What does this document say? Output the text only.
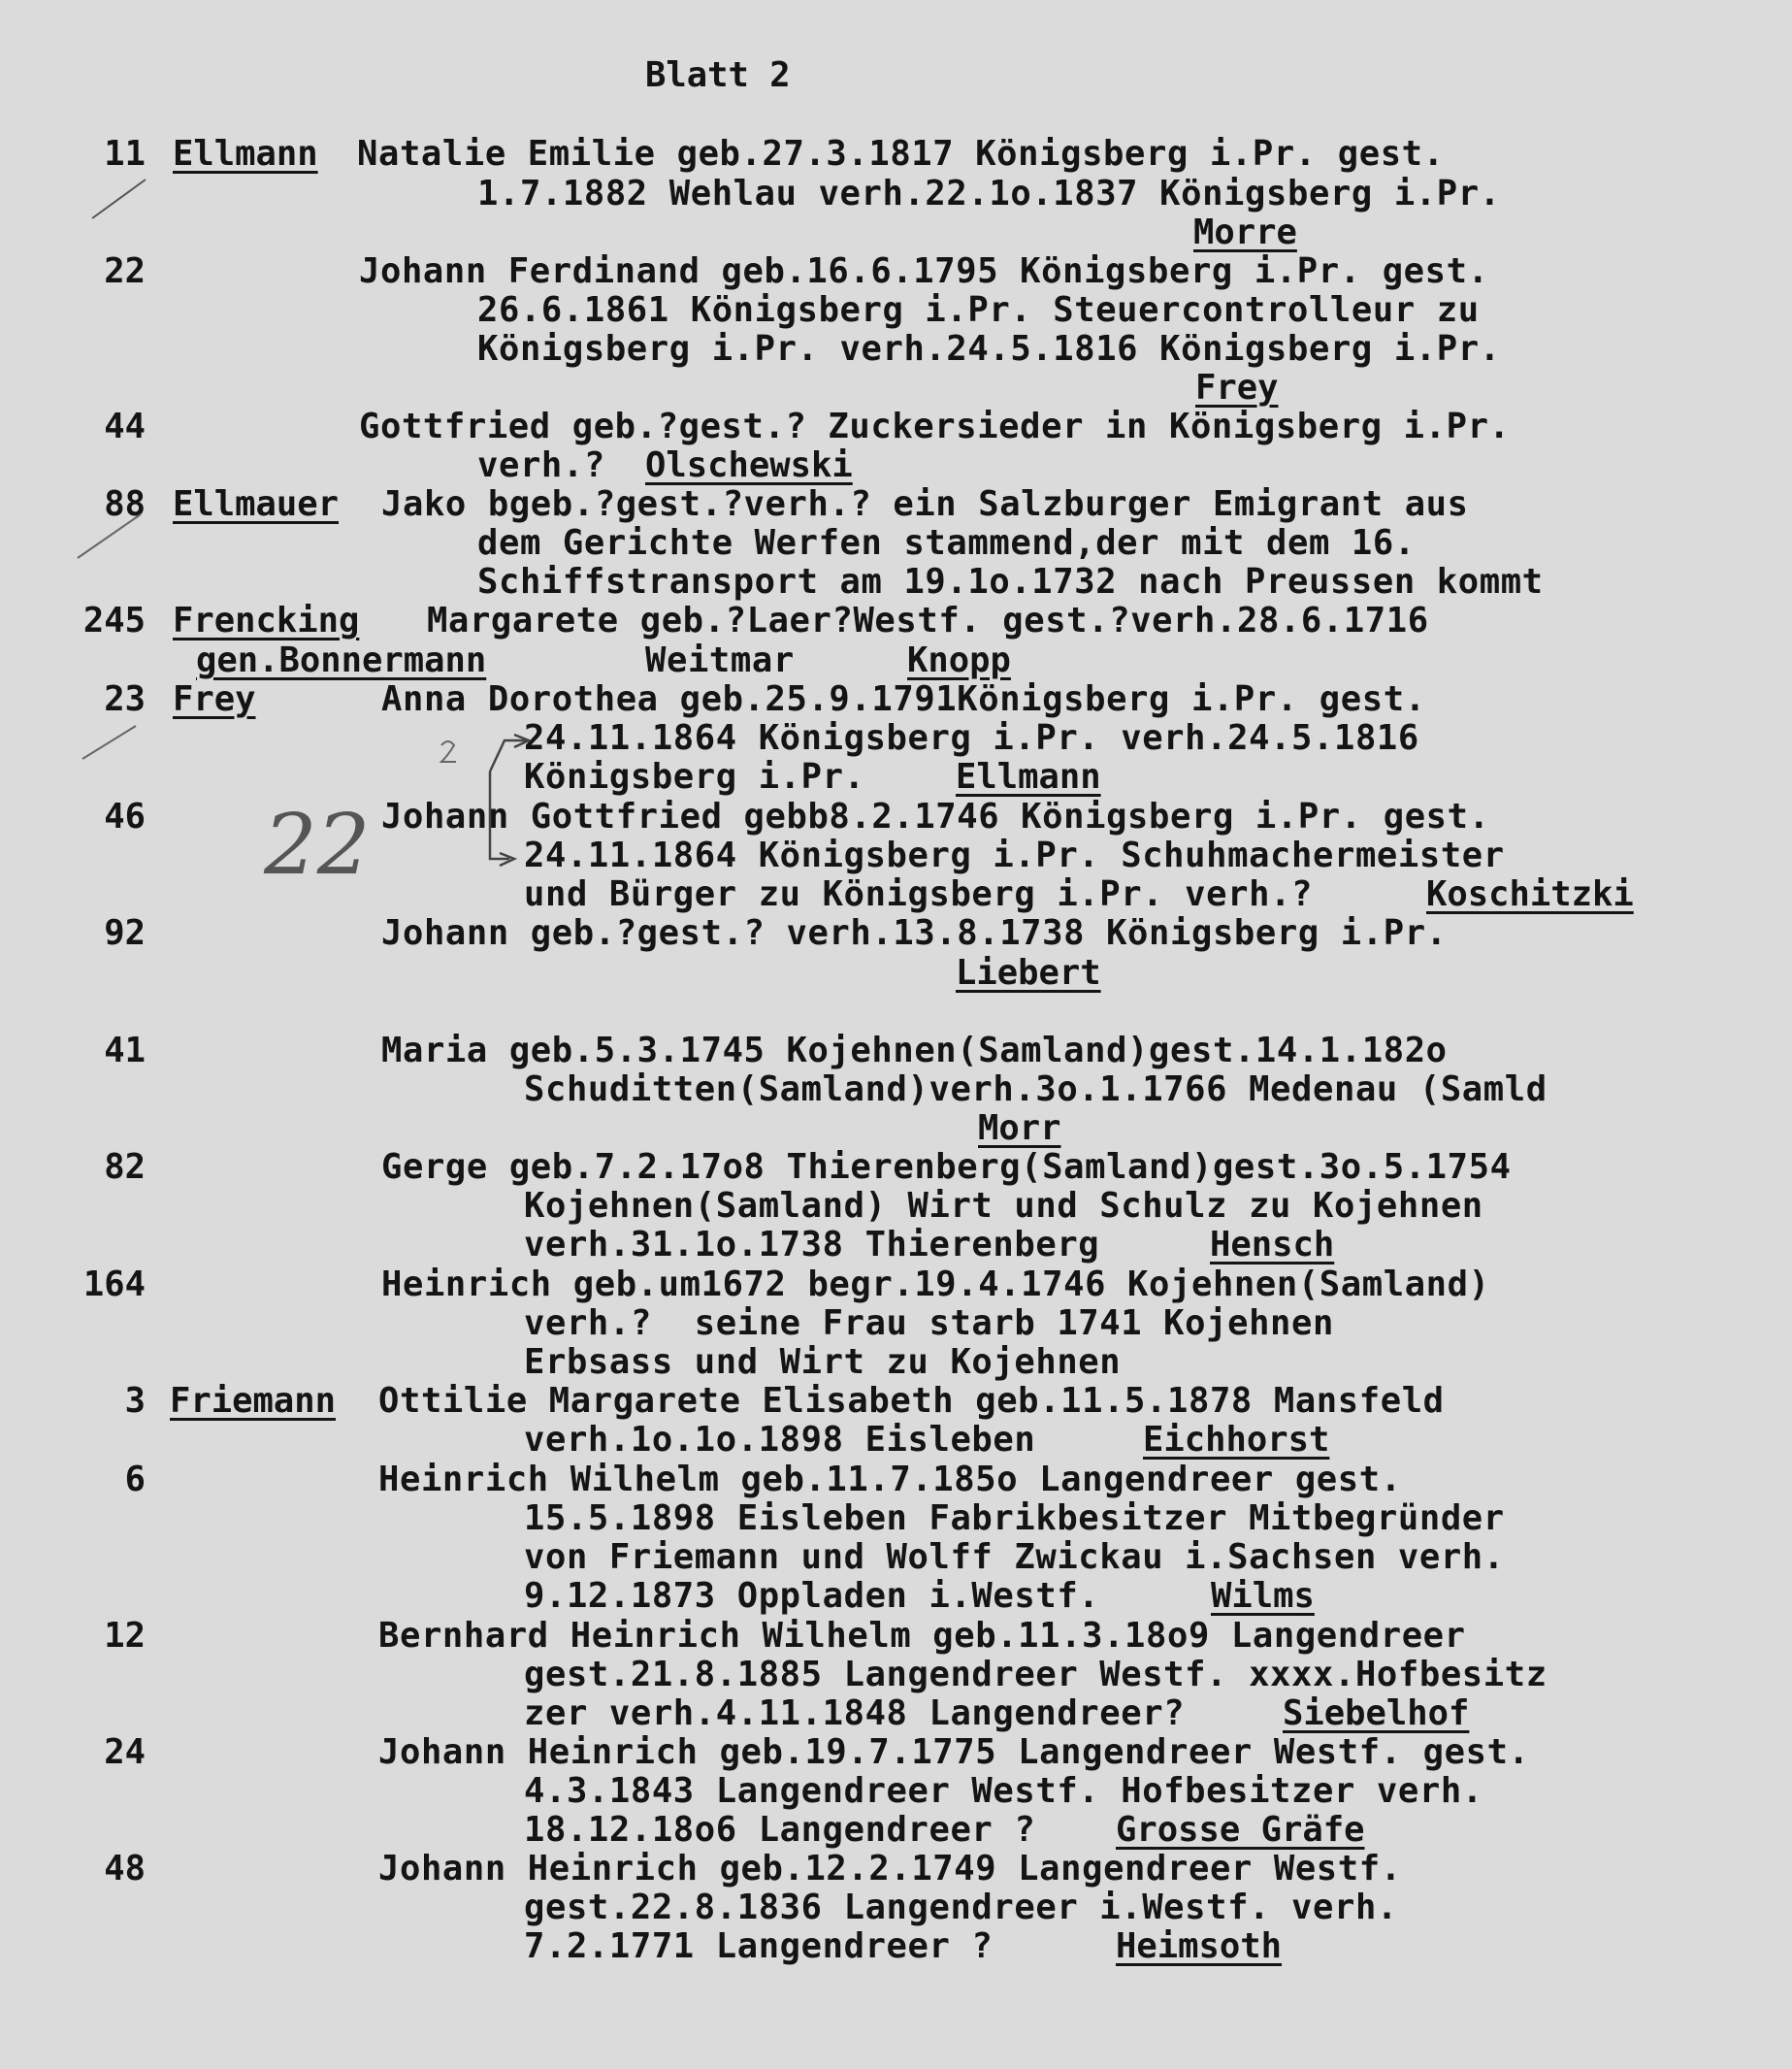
Blatt 2
11 Ellmann Natalie Emilie geb.27.3.1817 Königsberg i.Pr. gest.
1.7.1882 Wehlau verh.22.1o.1837 Königsberg i.Pr.
Morre
22	Johann Ferdinand geb.16.6.1795 Königsberg i.Pr. gest.
26.6.1861 Königsberg i.Pr. Steuercontrolleur zu
Königsberg i.Pr. verh.24.5.1816 Königsberg i.Pr.
Frey
44	Gottfried geb.?gest.? Zuckersieder in Königsberg i.Pr.
verh.? Olschewski
88 Ellmauer Jako bgeb.?gest.?verh.? ein Salzburger Emigrant aus
dem Gerichte Werfen stammend,der mit dem 16.
Schiffstransport am 19.1o.1732 nach Preussen kommt
245 Frencking Margarete geb.?Laer?Westf. gest.?verh.28.6.1716
gen.Bonnermann	Weitmar	Knopp
23 Frey	Anna Dorothea geb.25.9.1791Königsberg i.Pr. gest.
24.11.1864 Königsberg i.Pr. verh.24.5.1816
Königsberg i.Pr.	Ellmann
46	Johann Gottfried gebb8.2.1746 Königsberg i.Pr. gest.
24.11.1864 Königsberg i.Pr. Schuhmachermeister
und Bürger zu Königsberg i.Pr. verh.?	Koschitzki
92	Johann geb.?gest.? verh.13.8.1738 Königsberg i.Pr.
Liebert
41	Maria geb.5.3.1745 Kojehnen(Samland)gest.14.1.182o
Schuditten(Samland)verh.3o.1.1766 Medenau (Samld
Morr
82	Gerge geb.7.2.17o8 Thierenberg(Samland)gest.3o.5.1754
Kojehnen(Samland) Wirt und Schulz zu Kojehnen
verh.31.1o.1738 Thierenberg	Hensch
164	Heinrich geb.um1672 begr.19.4.1746 Kojehnen(Samland)
verh.?  seine Frau starb 1741 Kojehnen
Erbsass und Wirt zu Kojehnen
3 Friemann Ottilie Margarete Elisabeth geb.11.5.1878 Mansfeld
verh.1o.1o.1898 Eisleben	Eichhorst
6	Heinrich Wilhelm geb.11.7.185o Langendreer gest.
15.5.1898 Eisleben Fabrikbesitzer Mitbegründer
von Friemann und Wolff Zwickau i.Sachsen verh.
9.12.1873 Oppladen i.Westf.	Wilms
12	Bernhard Heinrich Wilhelm geb.11.3.18o9 Langendreer
gest.21.8.1885 Langendreer Westf. xxxx.Hofbesitz
zer verh.4.11.1848 Langendreer?	Siebelhof
24	Johann Heinrich geb.19.7.1775 Langendreer Westf. gest.
4.3.1843 Langendreer Westf. Hofbesitzer verh.
18.12.18o6 Langendreer ? Grosse Gräfe
48	Johann Heinrich geb.12.2.1749 Langendreer Westf.
gest.22.8.1836 Langendreer i.Westf. verh.
7.2.1771 Langendreer ?	Heimsoth
22
